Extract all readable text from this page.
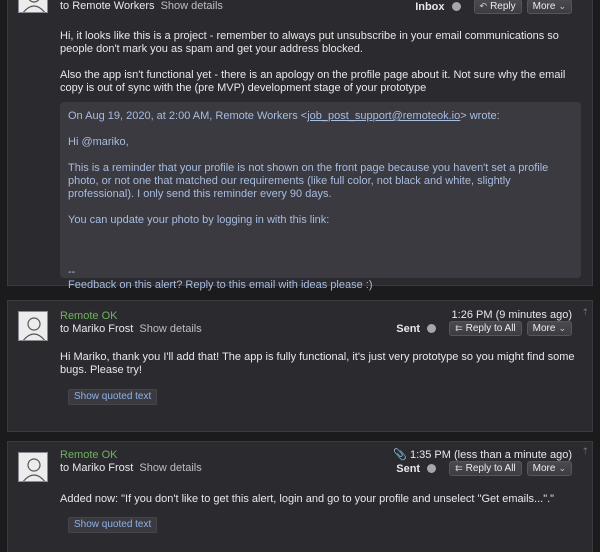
to Remote Workers Show details	Inbox	↶ Reply More ⌄

Hi, it looks like this is a project - remember to always put unsubscribe in your email communications so people don't mark you as spam and get your address blocked.

Also the app isn't functional yet - there is an apology on the profile page about it. Not sure why the email copy is out of sync with the (pre MVP) development stage of your prototype

On Aug 19, 2020, at 2:00 AM, Remote Workers <job_post_support@remoteok.io> wrote:

Hi @mariko,

This is a reminder that your profile is not shown on the front page because you haven't set a profile photo, or not one that matched our requirements (like full color, not black and white, slightly professional). I only send this reminder every 90 days.

You can update your photo by logging in with this link:

--

Feedback on this alert? Reply to this email with ideas please :)

Remote OK
to Mariko Frost Show details
1:26 PM (9 minutes ago) ⇡
Sent	⇇ Reply to All More ⌄
Hi Mariko, thank you I'll add that! The app is fully functional, it's just very prototype so you might find some bugs. Please try!
Show quoted text
Remote OK
to Mariko Frost Show details
📎 1:35 PM (less than a minute ago) ⇡
Sent	⇇ Reply to All More ⌄
Added now: "If you don't like to get this alert, login and go to your profile and unselect "Get emails..."."
Show quoted text
